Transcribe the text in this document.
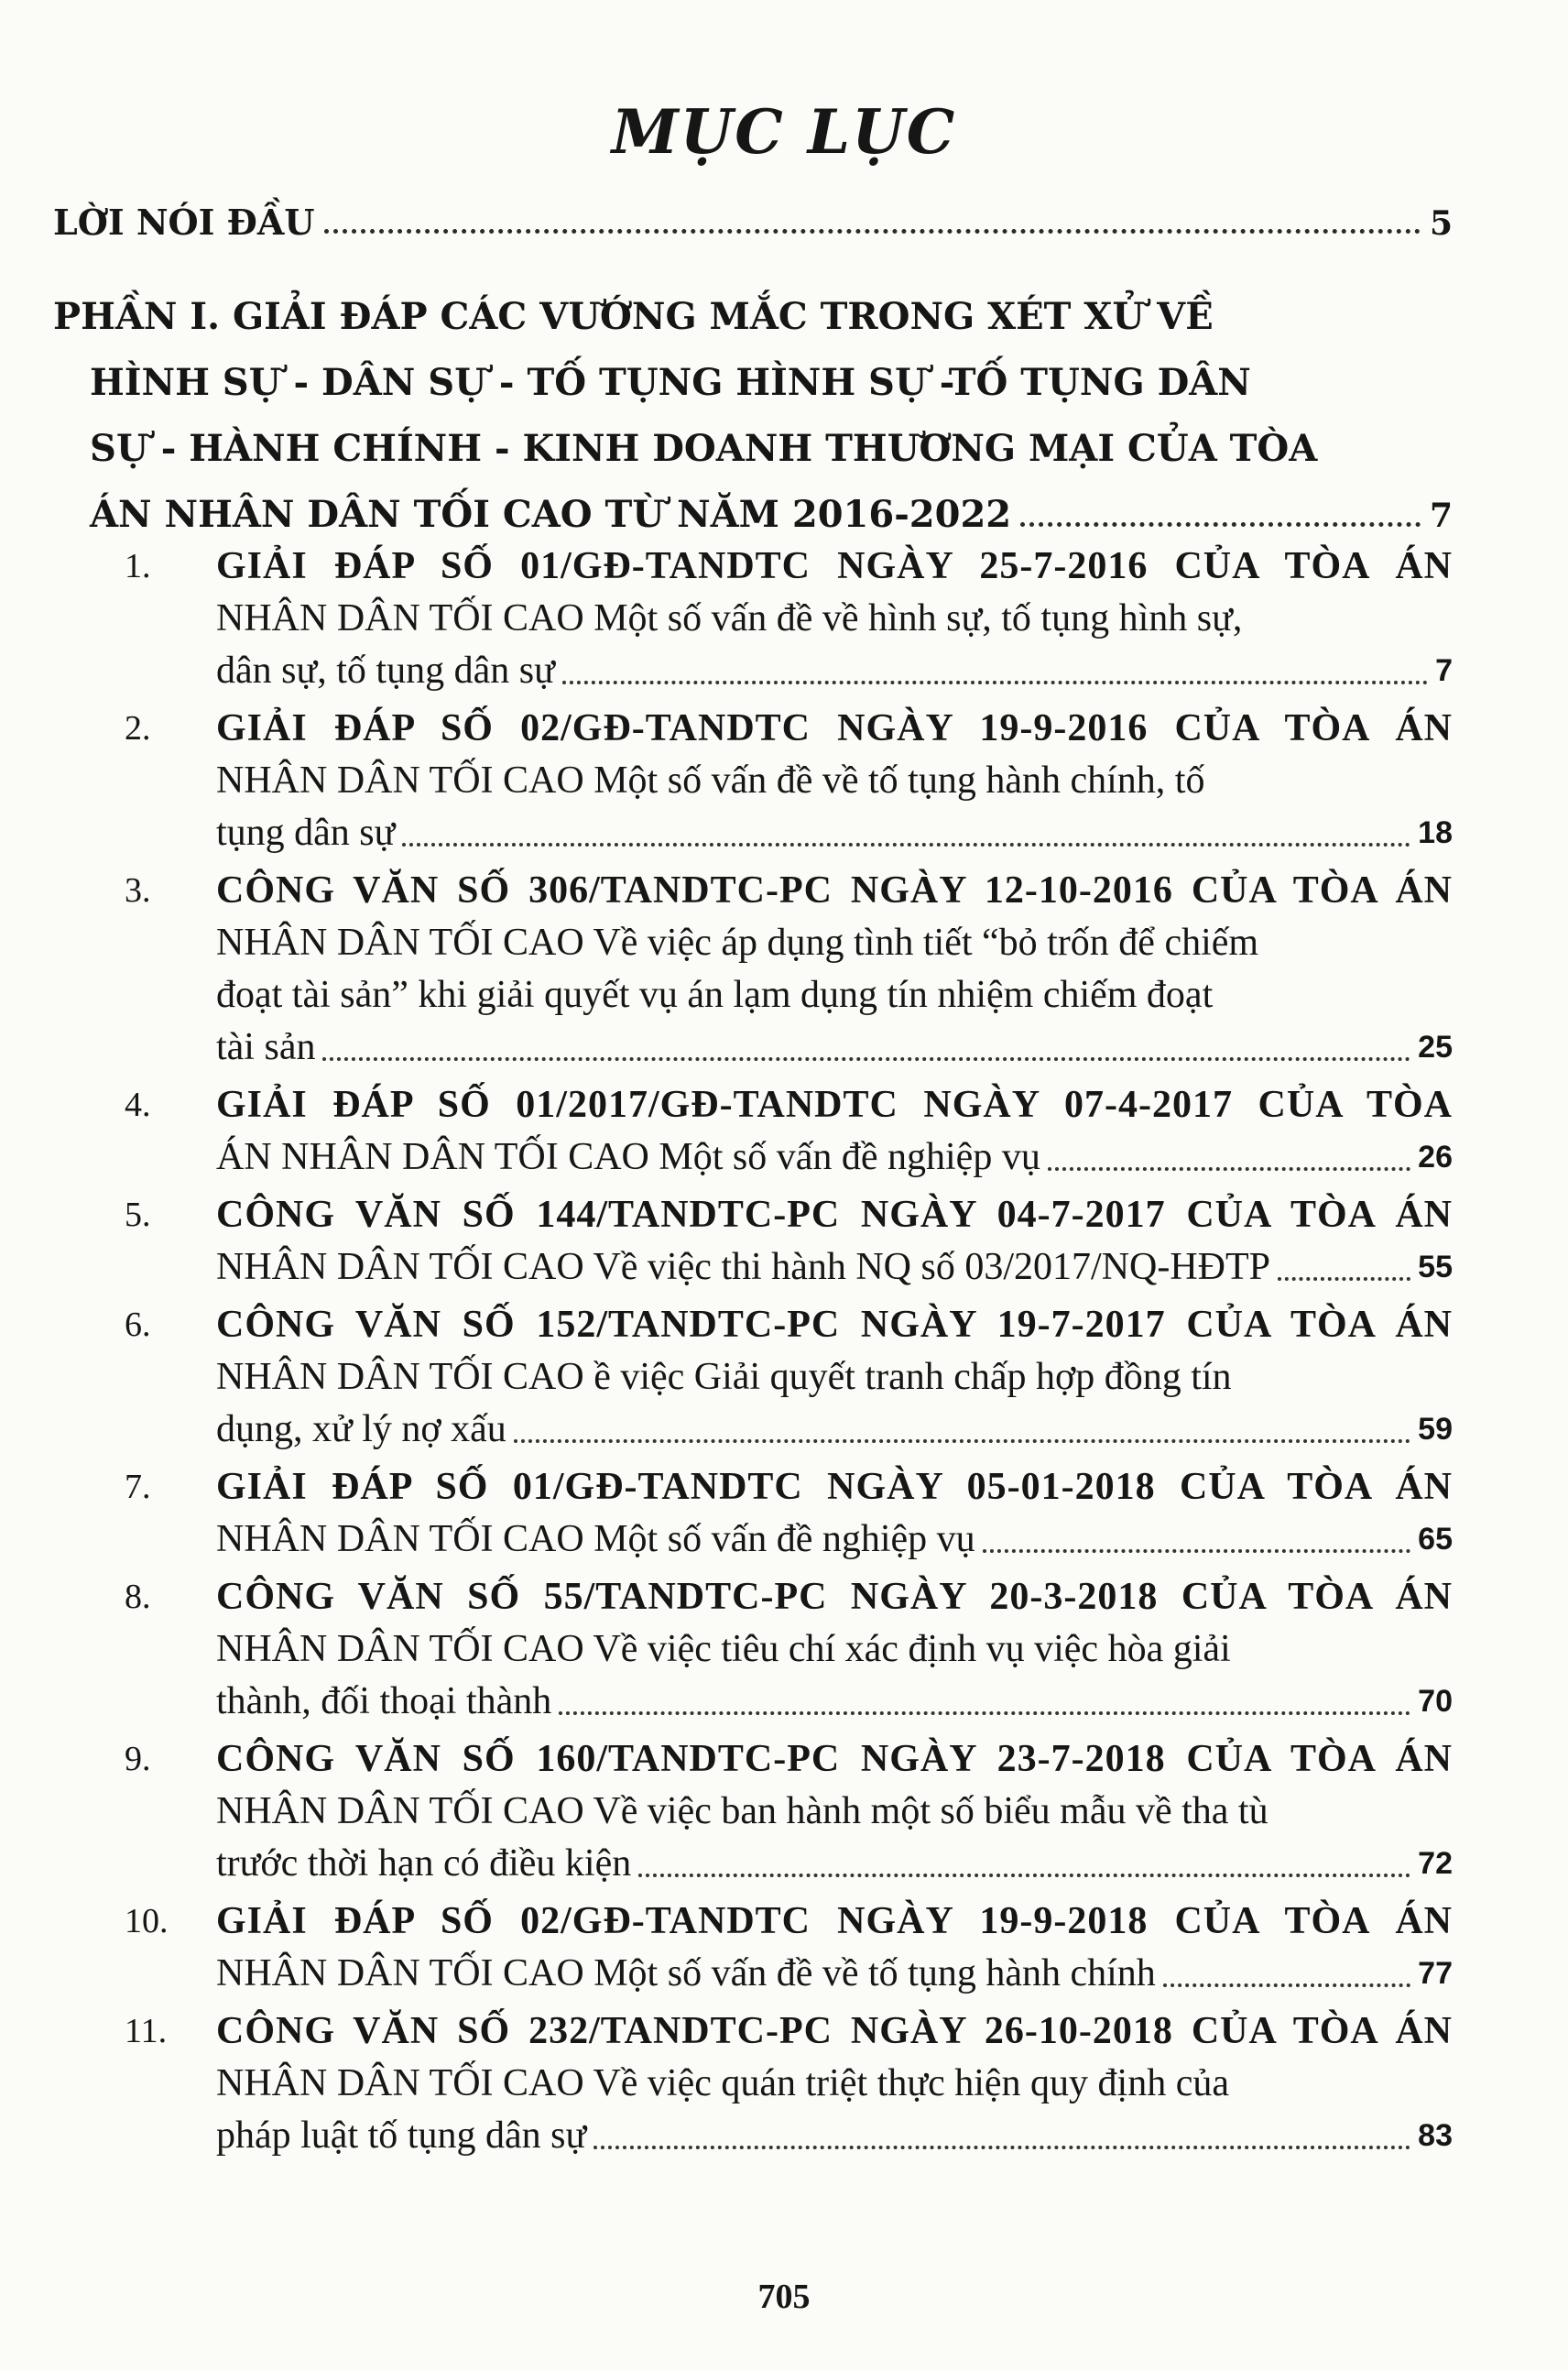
MỤC LỤC
LỜI NÓI ĐẦU	5
PHẦN I. GIẢI ĐÁP CÁC VƯỚNG MẮC TRONG XÉT XỬ VỀ
HÌNH SỰ - DÂN SỰ - TỐ TỤNG HÌNH SỰ -TỐ TỤNG DÂN
SỰ - HÀNH CHÍNH - KINH DOANH THƯƠNG MẠI CỦA TÒA
ÁN NHÂN DÂN TỐI CAO TỪ NĂM 2016-2022	7
1.	GIẢI ĐÁP SỐ 01/GĐ-TANDTC NGÀY 25-7-2016 CỦA TÒA ÁN
NHÂN DÂN TỐI CAO Một số vấn đề về hình sự, tố tụng hình sự,
dân sự, tố tụng dân sự	7
2.	GIẢI ĐÁP SỐ 02/GĐ-TANDTC NGÀY 19-9-2016 CỦA TÒA ÁN
NHÂN DÂN TỐI CAO Một số vấn đề về tố tụng hành chính, tố
tụng dân sự	18
3.	CÔNG VĂN SỐ 306/TANDTC-PC NGÀY 12-10-2016 CỦA TÒA ÁN
NHÂN DÂN TỐI CAO Về việc áp dụng tình tiết “bỏ trốn để chiếm
đoạt tài sản” khi giải quyết vụ án lạm dụng tín nhiệm chiếm đoạt
tài sản	25
4.	GIẢI ĐÁP SỐ 01/2017/GĐ-TANDTC NGÀY 07-4-2017 CỦA TÒA
ÁN NHÂN DÂN TỐI CAO Một số vấn đề nghiệp vụ	26
5.	CÔNG VĂN SỐ 144/TANDTC-PC NGÀY 04-7-2017 CỦA TÒA ÁN
NHÂN DÂN TỐI CAO Về việc thi hành NQ số 03/2017/NQ-HĐTP	55
6.	CÔNG VĂN SỐ 152/TANDTC-PC NGÀY 19-7-2017 CỦA TÒA ÁN
NHÂN DÂN TỐI CAO ề việc Giải quyết tranh chấp hợp đồng tín
dụng, xử lý nợ xấu	59
7.	GIẢI ĐÁP SỐ 01/GĐ-TANDTC NGÀY 05-01-2018 CỦA TÒA ÁN
NHÂN DÂN TỐI CAO Một số vấn đề nghiệp vụ	65
8.	CÔNG VĂN SỐ 55/TANDTC-PC NGÀY 20-3-2018 CỦA TÒA ÁN
NHÂN DÂN TỐI CAO Về việc tiêu chí xác định vụ việc hòa giải
thành, đối thoại thành	70
9.	CÔNG VĂN SỐ 160/TANDTC-PC NGÀY 23-7-2018 CỦA TÒA ÁN
NHÂN DÂN TỐI CAO Về việc ban hành một số biểu mẫu về tha tù
trước thời hạn có điều kiện	72
10.	GIẢI ĐÁP SỐ 02/GĐ-TANDTC NGÀY 19-9-2018 CỦA TÒA ÁN
NHÂN DÂN TỐI CAO Một số vấn đề về tố tụng hành chính	77
11.	CÔNG VĂN SỐ 232/TANDTC-PC NGÀY 26-10-2018 CỦA TÒA ÁN
NHÂN DÂN TỐI CAO Về việc quán triệt thực hiện quy định của
pháp luật tố tụng dân sự	83
705
